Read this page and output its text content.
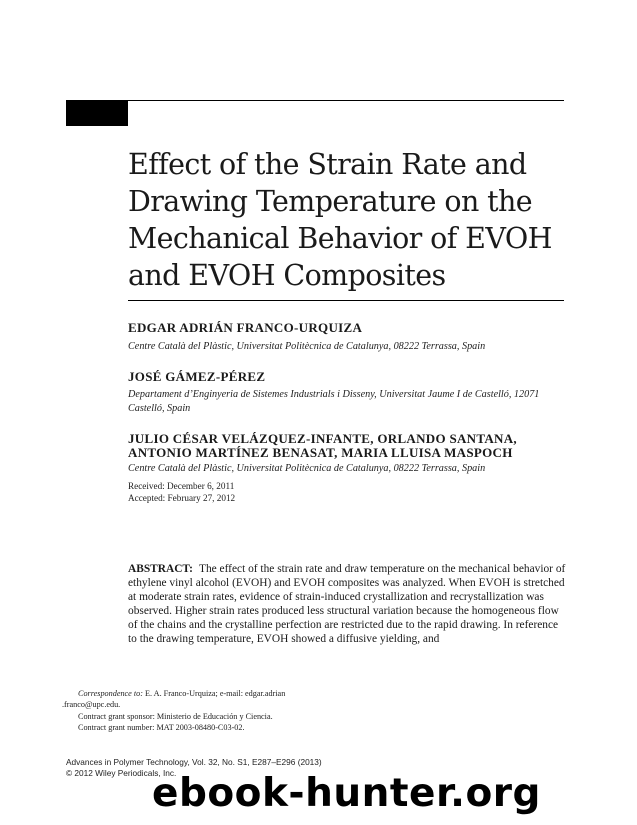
Effect of the Strain Rate and
Drawing Temperature on the
Mechanical Behavior of EVOH
and EVOH Composites
EDGAR ADRIÁN FRANCO-URQUIZA
Centre Català del Plàstic, Universitat Politècnica de Catalunya, 08222 Terrassa, Spain
JOSÉ GÁMEZ-PÉREZ
Departament d’Enginyeria de Sistemes Industrials i Disseny, Universitat Jaume I de Castelló, 12071
Castelló, Spain
JULIO CÉSAR VELÁZQUEZ-INFANTE, ORLANDO SANTANA,
ANTONIO MARTÍNEZ BENASAT, MARIA LLUISA MASPOCH
Centre Català del Plàstic, Universitat Politècnica de Catalunya, 08222 Terrassa, Spain
Received: December 6, 2011
Accepted: February 27, 2012

ABSTRACT: The effect of the strain rate and draw temperature on the mechanical behavior of ethylene vinyl alcohol (EVOH) and EVOH composites was analyzed. When EVOH is stretched at moderate strain rates, evidence of strain-induced crystallization and recrystallization was observed. Higher strain rates produced less structural variation because the homogeneous flow of the chains and the crystalline perfection are restricted due to the rapid drawing. In reference to the drawing temperature, EVOH showed a diffusive yielding, and

Correspondence to: E. A. Franco-Urquiza; e-mail: edgar.adrian
.franco@upc.edu.
Contract grant sponsor: Ministerio de Educación y Ciencia.
Contract grant number: MAT 2003-08480-C03-02.
Advances in Polymer Technology, Vol. 32, No. S1, E287–E296 (2013)
© 2012 Wiley Periodicals, Inc.
ebook-hunter.org
